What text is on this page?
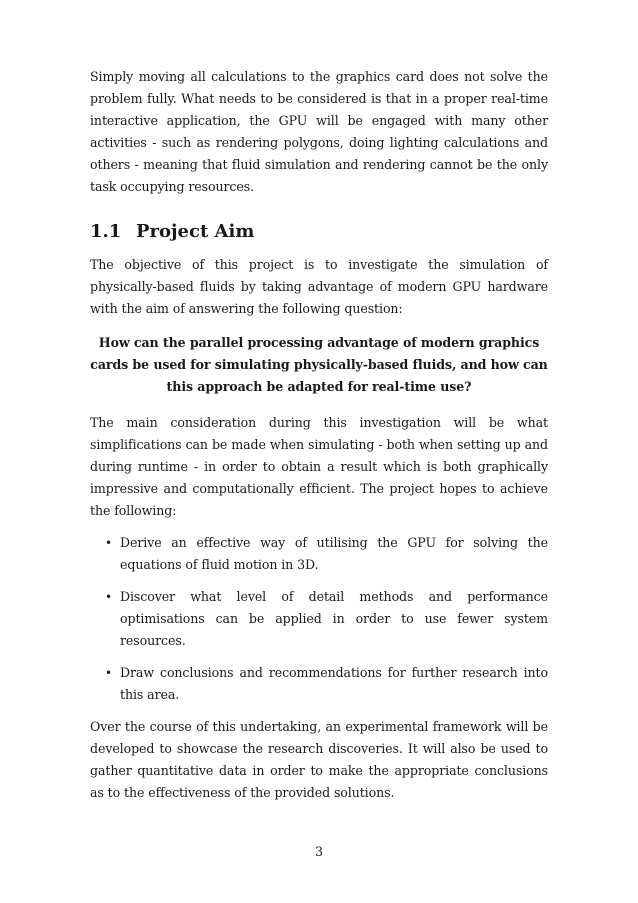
Simply moving all calculations to the graphics card does not solve the problem fully. What needs to be considered is that in a proper real-time interactive application, the GPU will be engaged with many other activities - such as rendering polygons, doing lighting calculations and others - meaning that fluid simulation and rendering cannot be the only task occupying resources.

1.1 Project Aim

The objective of this project is to investigate the simulation of physically-based fluids by taking advantage of modern GPU hardware with the aim of answering the following question:

How can the parallel processing advantage of modern graphics cards be used for simulating physically-based fluids, and how can this approach be adapted for real-time use?

The main consideration during this investigation will be what simplifications can be made when simulating - both when setting up and during runtime - in order to obtain a result which is both graphically impressive and computationally efficient. The project hopes to achieve the following:

• Derive an effective way of utilising the GPU for solving the equations of fluid motion in 3D.

• Discover what level of detail methods and performance optimisations can be applied in order to use fewer system resources.

• Draw conclusions and recommendations for further research into this area.

Over the course of this undertaking, an experimental framework will be developed to showcase the research discoveries. It will also be used to gather quantitative data in order to make the appropriate conclusions as to the effectiveness of the provided solutions.

3
